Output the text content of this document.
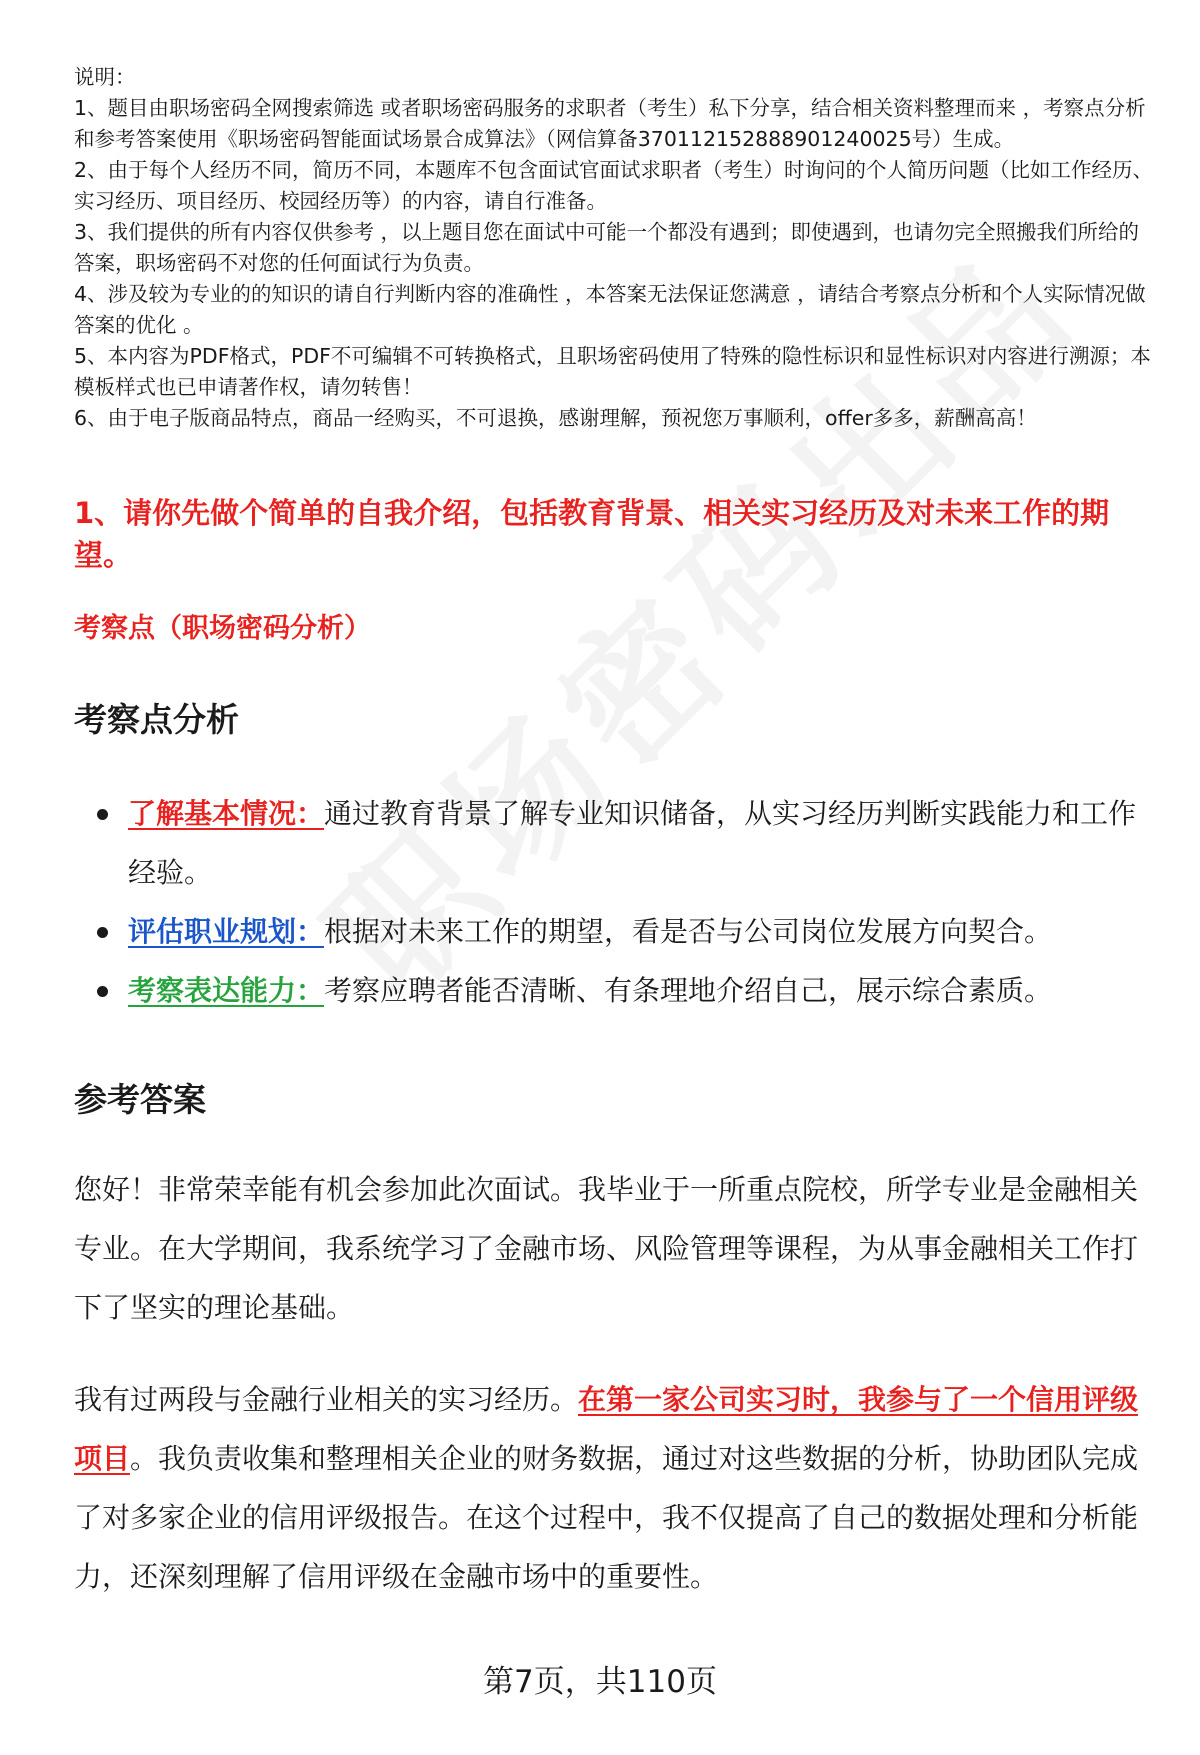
说明：

1、题目由职场密码全网搜索筛选 或者职场密码服务的求职者（考生）私下分享，结合相关资料整理而来 ，考察点分析和参考答案使用《职场密码智能面试场景合成算法》（网信算备370112152888901240025号）生成。

2、由于每个人经历不同，简历不同，本题库不包含面试官面试求职者（考生）时询问的个人简历问题（比如工作经历、实习经历、项目经历、校园经历等）的内容，请自行准备。

3、我们提供的所有内容仅供参考 ，以上题目您在面试中可能一个都没有遇到；即使遇到，也请勿完全照搬我们所给的答案，职场密码不对您的任何面试行为负责。

4、涉及较为专业的的知识的请自行判断内容的准确性 ，本答案无法保证您满意 ，请结合考察点分析和个人实际情况做答案的优化 。

5、本内容为PDF格式，PDF不可编辑不可转换格式，且职场密码使用了特殊的隐性标识和显性标识对内容进行溯源；本模板样式也已申请著作权，请勿转售！

6、由于电子版商品特点，商品一经购买，不可退换，感谢理解，预祝您万事顺利，offer多多，薪酬高高！

1、请你先做个简单的自我介绍，包括教育背景、相关实习经历及对未来工作的期望。
考察点（职场密码分析）
考察点分析
了解基本情况：通过教育背景了解专业知识储备，从实习经历判断实践能力和工作经验。
评估职业规划：根据对未来工作的期望，看是否与公司岗位发展方向契合。
考察表达能力：考察应聘者能否清晰、有条理地介绍自己，展示综合素质。
参考答案

您好！非常荣幸能有机会参加此次面试。我毕业于一所重点院校，所学专业是金融相关专业。在大学期间，我系统学习了金融市场、风险管理等课程，为从事金融相关工作打下了坚实的理论基础。

我有过两段与金融行业相关的实习经历。在第一家公司实习时，我参与了一个信用评级项目。我负责收集和整理相关企业的财务数据，通过对这些数据的分析，协助团队完成了对多家企业的信用评级报告。在这个过程中，我不仅提高了自己的数据处理和分析能力，还深刻理解了信用评级在金融市场中的重要性。

第7页，共110页
